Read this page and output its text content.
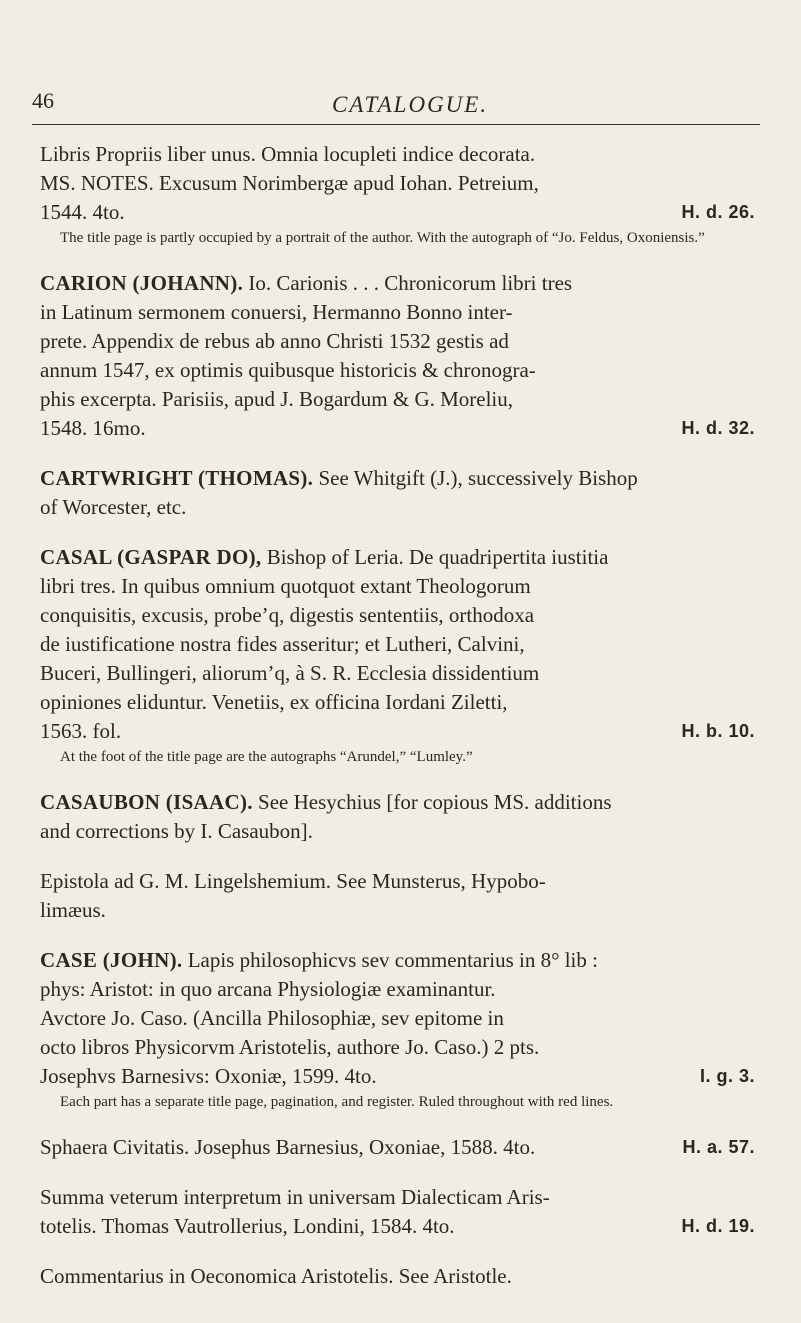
46	CATALOGUE.
Libris Propriis liber unus. Omnia locupleti indice decorata.
MS. NOTES. Excusum Norimbergæ apud Iohan. Petreium,
1544. 4to.	H. d. 26.
The title page is partly occupied by a portrait of the author. With the autograph of “Jo. Feldus, Oxoniensis.”
CARION (JOHANN). Io. Carionis . . . Chronicorum libri tres
in Latinum sermonem conuersi, Hermanno Bonno inter-
prete. Appendix de rebus ab anno Christi 1532 gestis ad
annum 1547, ex optimis quibusque historicis & chronogra-
phis excerpta. Parisiis, apud J. Bogardum & G. Moreliu,
1548. 16mo.	H. d. 32.
CARTWRIGHT (THOMAS). See Whitgift (J.), successively Bishop
of Worcester, etc.
CASAL (GASPAR DO), Bishop of Leria. De quadripertita iustitia
libri tres. In quibus omnium quotquot extant Theologorum
conquisitis, excusis, probe’q, digestis sententiis, orthodoxa
de iustificatione nostra fides asseritur; et Lutheri, Calvini,
Buceri, Bullingeri, aliorum’q, à S. R. Ecclesia dissidentium
opiniones eliduntur. Venetiis, ex officina Iordani Ziletti,
1563. fol.	H. b. 10.
At the foot of the title page are the autographs “Arundel,” “Lumley.”
CASAUBON (ISAAC). See Hesychius [for copious MS. additions
and corrections by I. Casaubon].
Epistola ad G. M. Lingelshemium. See Munsterus, Hypobo-
limæus.
CASE (JOHN). Lapis philosophicvs sev commentarius in 8° lib :
phys: Aristot: in quo arcana Physiologiæ examinantur.
Avctore Jo. Caso. (Ancilla Philosophiæ, sev epitome in
octo libros Physicorvm Aristotelis, authore Jo. Caso.) 2 pts.
Josephvs Barnesivs: Oxoniæ, 1599. 4to.	I. g. 3.
Each part has a separate title page, pagination, and register. Ruled throughout with red lines.
Sphaera Civitatis. Josephus Barnesius, Oxoniae, 1588. 4to.	H. a. 57.
Summa veterum interpretum in universam Dialecticam Aris-
totelis. Thomas Vautrollerius, Londini, 1584. 4to.	H. d. 19.
Commentarius in Oeconomica Aristotelis. See Aristotle.
